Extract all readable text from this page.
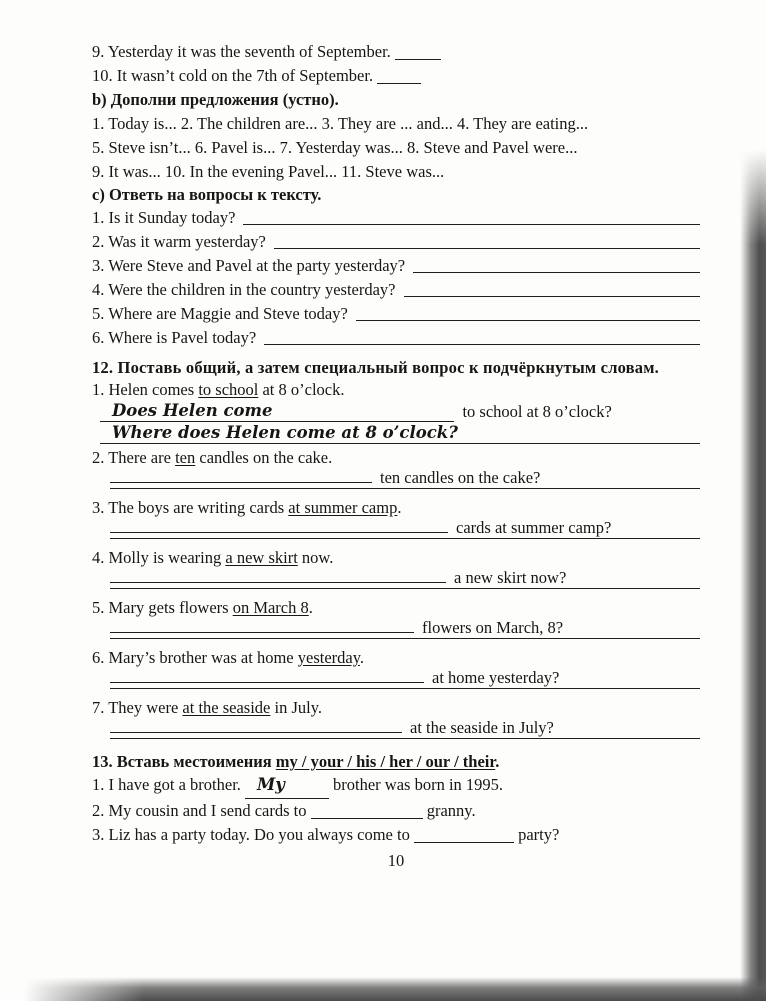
9. Yesterday it was the seventh of September.
10. It wasn’t cold on the 7th of September.
b) Дополни предложения (устно).
1. Today is... 2. The children are... 3. They are ... and... 4. They are eating...
5. Steve isn’t... 6. Pavel is... 7. Yesterday was... 8. Steve and Pavel were...
9. It was... 10. In the evening Pavel... 11. Steve was...
c) Ответь на вопросы к тексту.
1. Is it Sunday today?
2. Was it warm yesterday?
3. Were Steve and Pavel at the party yesterday?
4. Were the children in the country yesterday?
5. Where are Maggie and Steve today?
6. Where is Pavel today?
12. Поставь общий, а затем специальный вопрос к подчёркнутым словам.
1. Helen comes to school at 8 o’clock.
Does Helen come	to school at 8 o’clock?
Where does Helen come at 8 o’clock?
2. There are ten candles on the cake.
ten candles on the cake?
3. The boys are writing cards at summer camp.
cards at summer camp?
4. Molly is wearing a new skirt now.
a new skirt now?
5. Mary gets flowers on March 8.
flowers on March, 8?
6. Mary’s brother was at home yesterday.
at home yesterday?
7. They were at the seaside in July.
at the seaside in July?
13. Вставь местоимения my / your / his / her / our / their.
1. I have got a brother. My	brother was born in 1995.
2. My cousin and I send cards to	granny.
3. Liz has a party today. Do you always come to	party?
10
